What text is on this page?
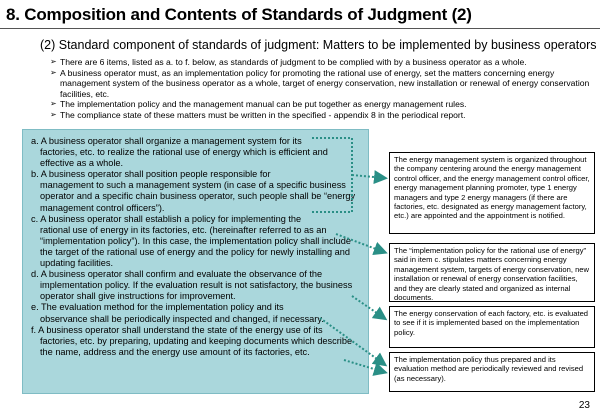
8. Composition and Contents of Standards of Judgment (2)
(2) Standard component of standards of judgment: Matters to be implemented by business operators
➢ There are 6 items, listed as a. to f. below, as standards of judgment to be complied with by a business operator as a whole.
➢ A business operator must, as an implementation policy for promoting the rational use of energy, set the matters concerning energy management system of the business operator as a whole, target of energy conservation, new installation or renewal of energy conservation facilities, etc.
➢ The implementation policy and the management manual can be put together as energy management rules.
➢ The compliance state of these matters must be written in the specified - appendix 8 in the periodical report.
a. A business operator shall organize a management system for its
factories, etc. to realize the rational use of energy which is efficient and effective as a whole.
b. A business operator shall position people responsible for
management to such a management system (in case of a specific business operator and a specific chain business operator, such people shall be “energy management control officers”).
c. A business operator shall establish a policy for implementing the
rational use of energy in its factories, etc. (hereinafter referred to as an “implementation policy”). In this case, the implementation policy shall include the target of the rational use of energy and the policy for newly installing and updating facilities.
d. A business operator shall confirm and evaluate the observance of the
implementation policy. If the evaluation result is not satisfactory, the business operator shall give instructions for improvement.
e. The evaluation method for the implementation policy and its
observance shall be periodically inspected and changed, if necessary.
f. A business operator shall understand the state of the energy use of its
factories, etc. by preparing, updating and keeping documents which describe the name, address and the energy use amount of its factories, etc.
The energy management system is organized throughout the company centering around the energy management control officer, and the energy management control officer, energy management planning promoter, type 1 energy managers and type 2 energy managers (if there are factories, etc. designated as energy management factory, etc.) are appointed and the appointment is notified.
The “implementation policy for the rational use of energy” said in item c. stipulates matters concerning energy management system, targets of energy conservation, new installation or renewal of energy conservation facilities, and they are clearly stated and organized as internal documents.
The energy conservation of each factory, etc. is evaluated to see if it is implemented based on the implementation policy.
The implementation policy thus prepared and its evaluation method are periodically reviewed and revised (as necessary).
23
